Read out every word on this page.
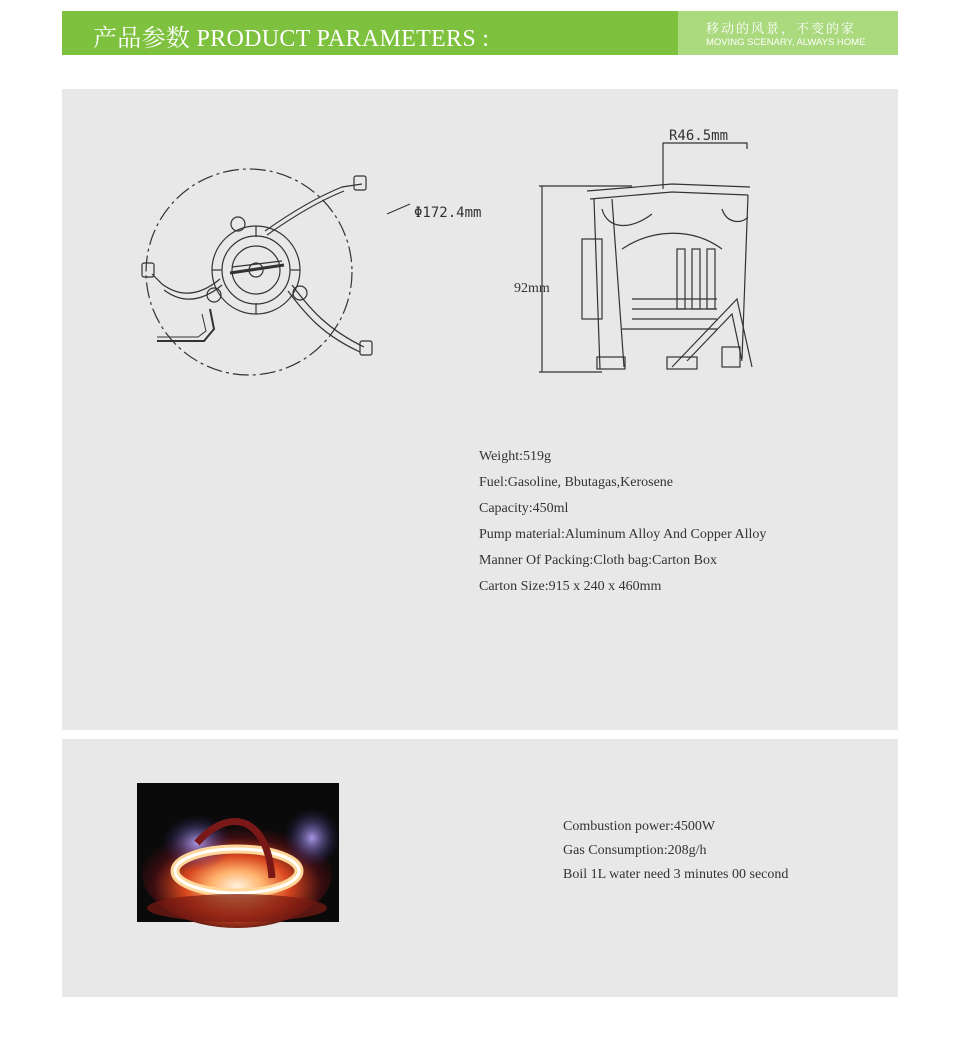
产品参数 PRODUCT PARAMETERS :	移动的风景，不变的家
MOVING SCENARY, ALWAYS HOME
Φ172.4mm
R46.5mm
92mm
Weight:519g
Fuel:Gasoline, Bbutagas,Kerosene
Capacity:450ml
Pump material:Aluminum Alloy And Copper Alloy
Manner Of Packing:Cloth bag:Carton Box
Carton Size:915 x 240 x 460mm
Combustion power:4500W
Gas Consumption:208g/h
Boil 1L water need 3 minutes 00 second
